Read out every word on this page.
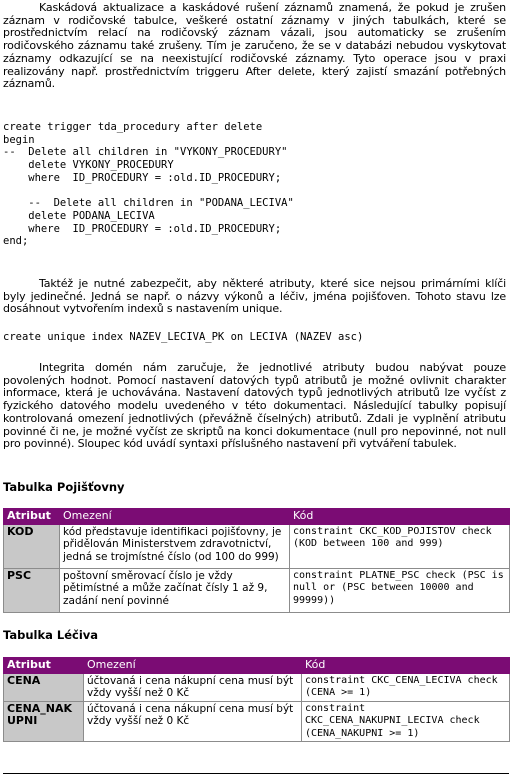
Kaskádová aktualizace a kaskádové rušení záznamů znamená, že pokud je zrušen záznam v rodičovské tabulce, veškeré ostatní záznamy v jiných tabulkách, které se prostřednictvím relací na rodičovský záznam vázali, jsou automaticky se zrušením rodičovského záznamu také zrušeny. Tím je zaručeno, že se v databázi nebudou vyskytovat záznamy odkazující se na neexistující rodičovské záznamy. Tyto operace jsou v praxi realizovány např. prostřednictvím triggeru After delete, který zajistí smazání potřebných záznamů.

create trigger tda_procedury after delete
begin
--  Delete all children in "VYKONY_PROCEDURY"
delete VYKONY_PROCEDURY
where  ID_PROCEDURY = :old.ID_PROCEDURY;

--  Delete all children in "PODANA_LECIVA"
delete PODANA_LECIVA
where  ID_PROCEDURY = :old.ID_PROCEDURY;
end;

Taktéž je nutné zabezpečit, aby některé atributy, které sice nejsou primárními klíči byly jedinečné. Jedná se např. o názvy výkonů a léčiv, jména pojišťoven. Tohoto stavu lze dosáhnout vytvořením indexů s nastavením unique.

create unique index NAZEV_LECIVA_PK on LECIVA (NAZEV asc)

Integrita domén nám zaručuje, že jednotlivé atributy budou nabývat pouze povolených hodnot. Pomocí nastavení datových typů atributů je možné ovlivnit charakter informace, která je uchovávána. Nastavení datových typů jednotlivých atributů lze vyčíst z fyzického datového modelu uvedeného v této dokumentaci. Následující tabulky popisují kontrolovaná omezení jednotlivých (převážně číselných) atributů. Zdali je vyplnění atributu povinné či ne, je možné vyčíst ze skriptů na konci dokumentace (null pro nepovinné, not null pro povinné). Sloupec kód uvádí syntaxi příslušného nastavení při vytváření tabulek.

Tabulka Pojišťovny
Atribut	Omezení	Kód
KOD	kód představuje identifikaci pojišťovny, je přidělován Ministerstvem zdravotnictví, jedná se trojmístné číslo (od 100 do 999)	constraint CKC_KOD_POJISTOV check (KOD between 100 and 999)
PSC	poštovní směrovací číslo je vždy pětimístné a může začínat čísly 1 až 9, zadání není povinné	constraint PLATNE_PSC check (PSC is null or (PSC between 10000 and 99999))
Tabulka Léčiva
Atribut	Omezení	Kód
CENA	účtovaná i cena nákupní cena musí být vždy vyšší než 0 Kč	constraint CKC_CENA_LECIVA check (CENA >= 1)
CENA_NAK
UPNI	účtovaná i cena nákupní cena musí být vždy vyšší než 0 Kč	constraint CKC_CENA_NAKUPNI_LECIVA check (CENA_NAKUPNI >= 1)
